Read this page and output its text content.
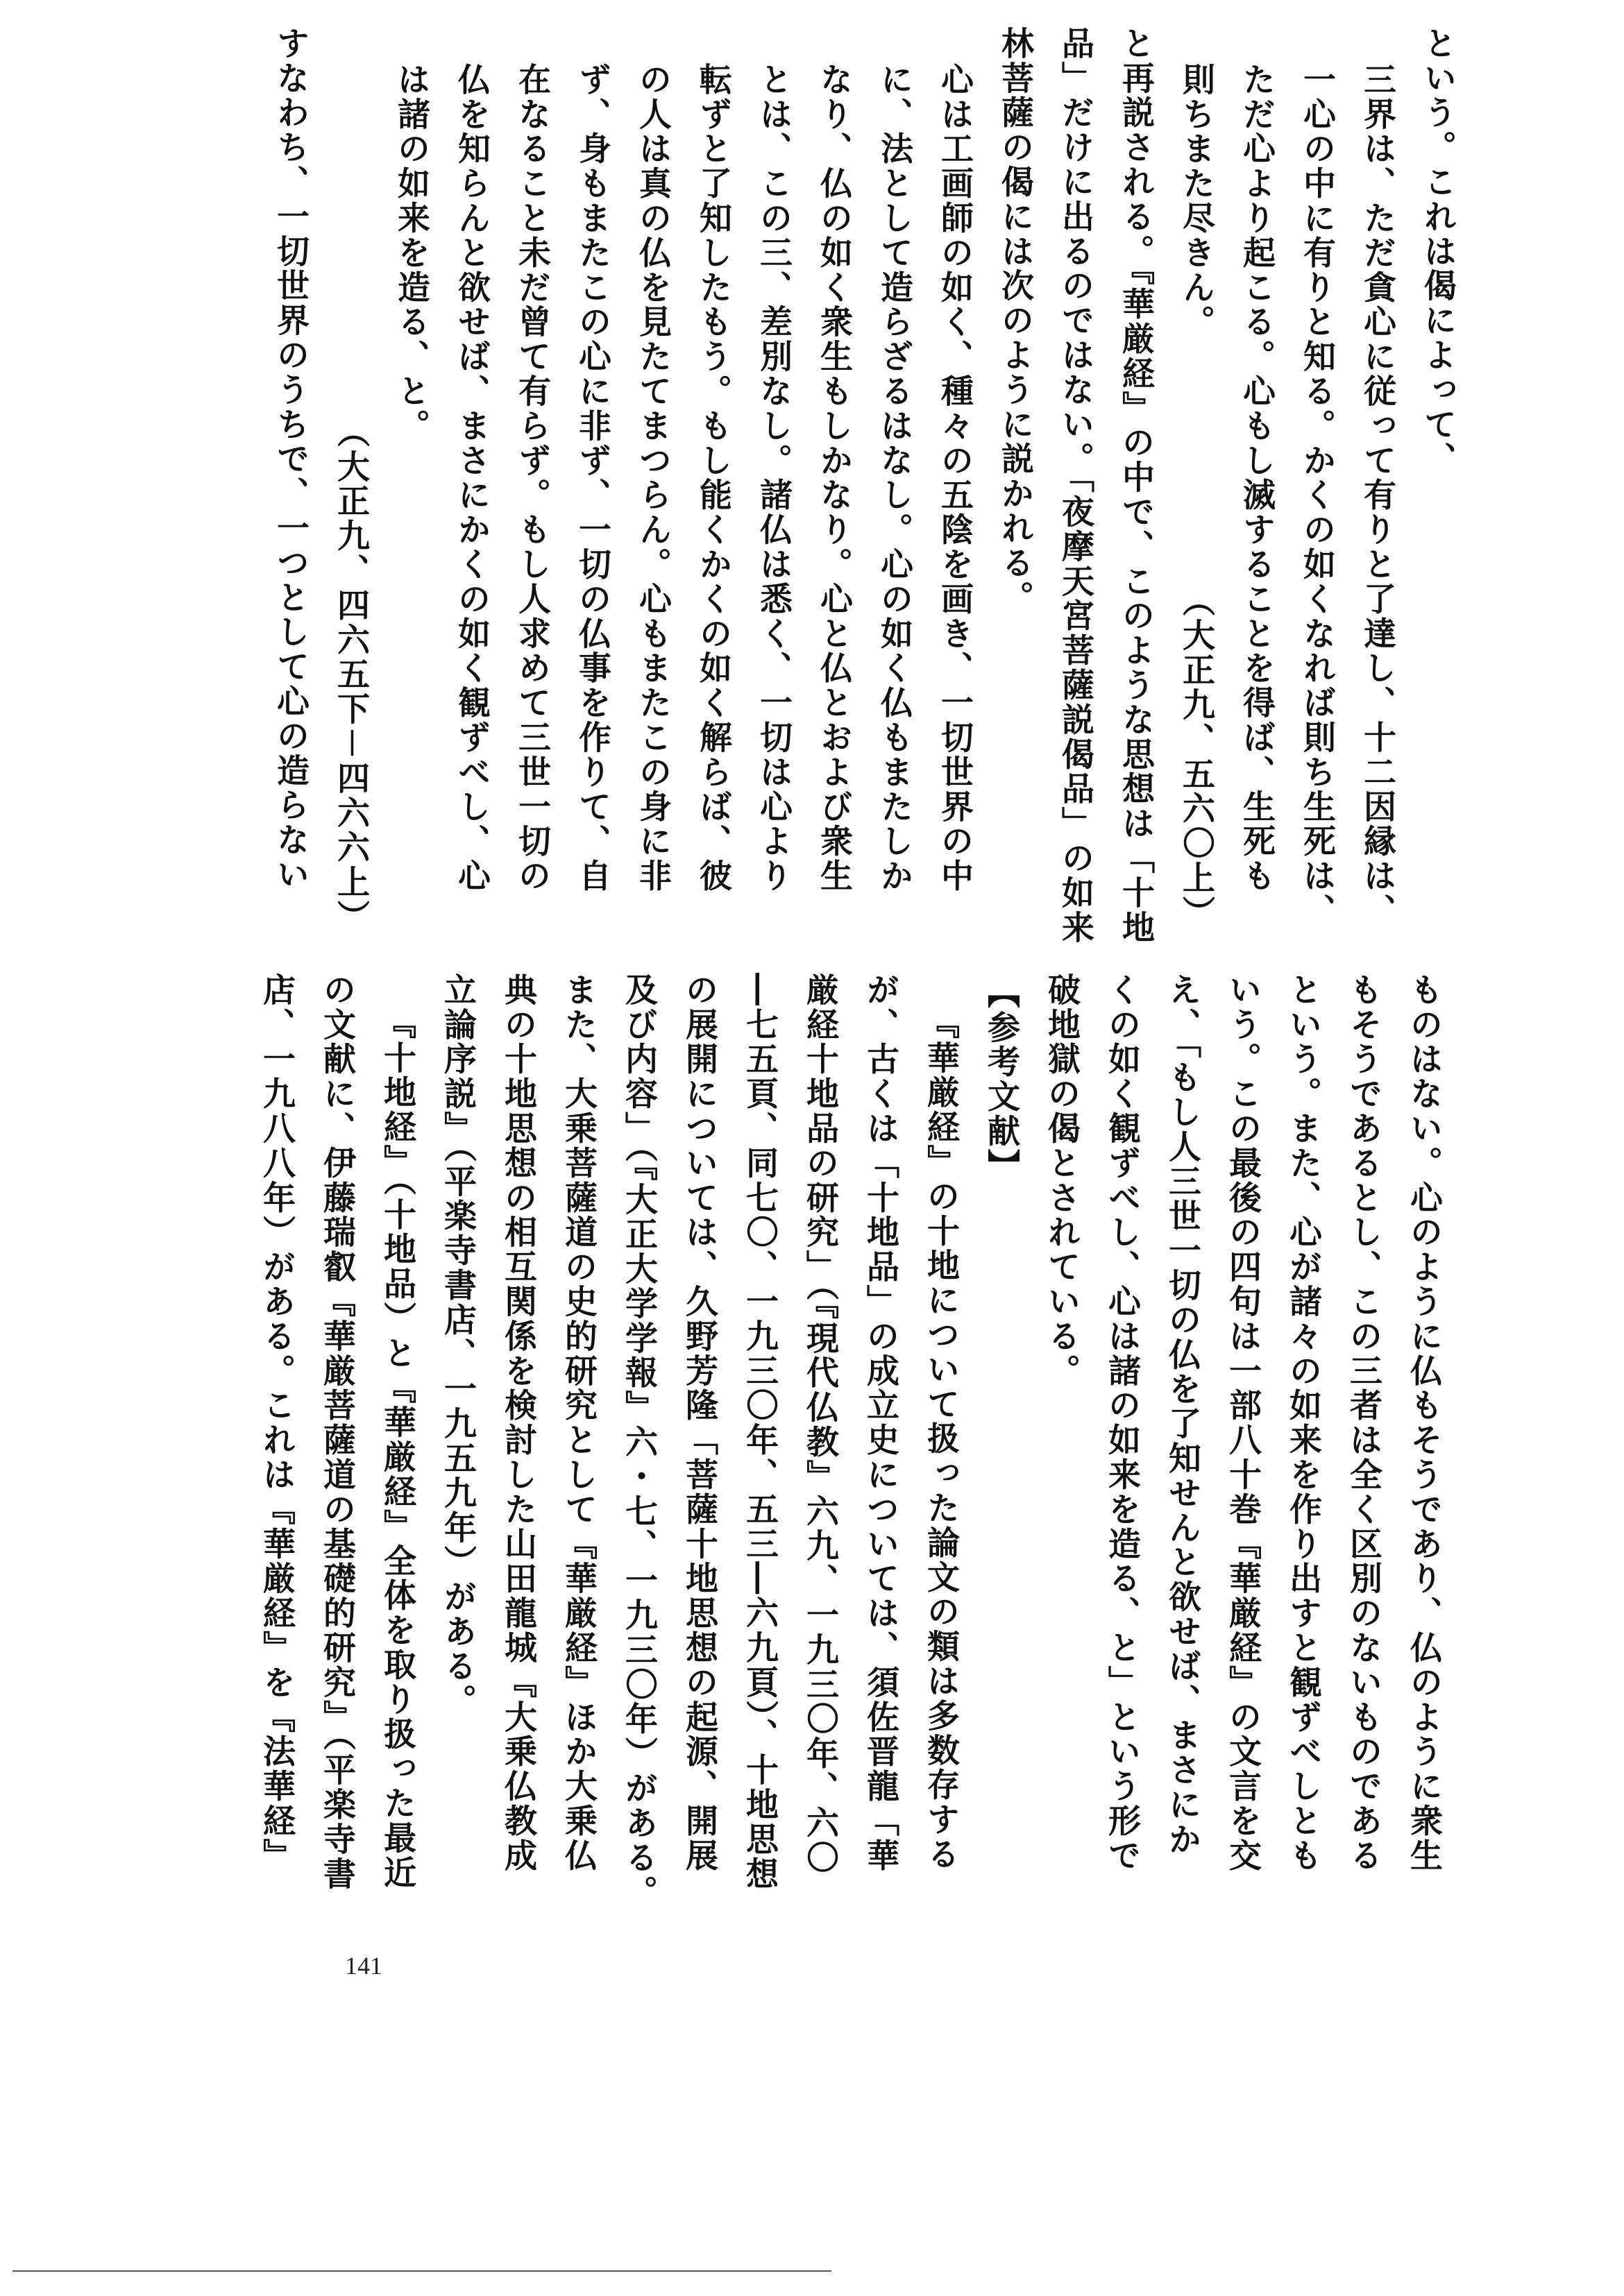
という。これは偈によって、

三界は、ただ貪心に従って有りと了達し、十二因縁は、

一心の中に有りと知る。かくの如くなれば則ち生死は、

ただ心より起こる。心もし滅することを得ば、生死も

則ちまた尽きん。　　　　　　　　（大正九、五六〇上）

と再説される。『華厳経』の中で、このような思想は「十地

品」だけに出るのではない。「夜摩天宮菩薩説偈品」の如来

林菩薩の偈には次のように説かれる。

心は工画師の如く、種々の五陰を画き、一切世界の中

に、法として造らざるはなし。心の如く仏もまたしか

なり、仏の如く衆生もしかなり。心と仏とおよび衆生

とは、この三、差別なし。諸仏は悉く、一切は心より

転ずと了知したもう。もし能くかくの如く解らば、彼

の人は真の仏を見たてまつらん。心もまたこの身に非

ず、身もまたこの心に非ず、一切の仏事を作りて、自

在なること未だ曾て有らず。もし人求めて三世一切の

仏を知らんと欲せば、まさにかくの如く観ずべし、心

は諸の如来を造る、と。

（大正九、四六五下－四六六上）

すなわち、一切世界のうちで、一つとして心の造らない

ものはない。心のように仏もそうであり、仏のように衆生

もそうであるとし、この三者は全く区別のないものである

という。また、心が諸々の如来を作り出すと観ずべしとも

いう。この最後の四句は一部八十巻『華厳経』の文言を交

え、「もし人三世一切の仏を了知せんと欲せば、まさにか

くの如く観ずべし、心は諸の如来を造る、と」という形で

破地獄の偈とされている。

【参考文献】

『華厳経』の十地について扱った論文の類は多数存する

が、古くは「十地品」の成立史については、須佐晋龍「華

厳経十地品の研究」（『現代仏教』六九、一九三〇年、六〇

―七五頁、同七〇、一九三〇年、五三―六九頁）、十地思想

の展開については、久野芳隆「菩薩十地思想の起源、開展

及び内容」（『大正大学学報』六・七、一九三〇年）がある。

また、大乗菩薩道の史的研究として『華厳経』ほか大乗仏

典の十地思想の相互関係を検討した山田龍城『大乗仏教成

立論序説』（平楽寺書店、一九五九年）がある。

『十地経』（十地品）と『華厳経』全体を取り扱った最近

の文献に、伊藤瑞叡『華厳菩薩道の基礎的研究』（平楽寺書

店、一九八八年）がある。これは『華厳経』を『法華経』

141
